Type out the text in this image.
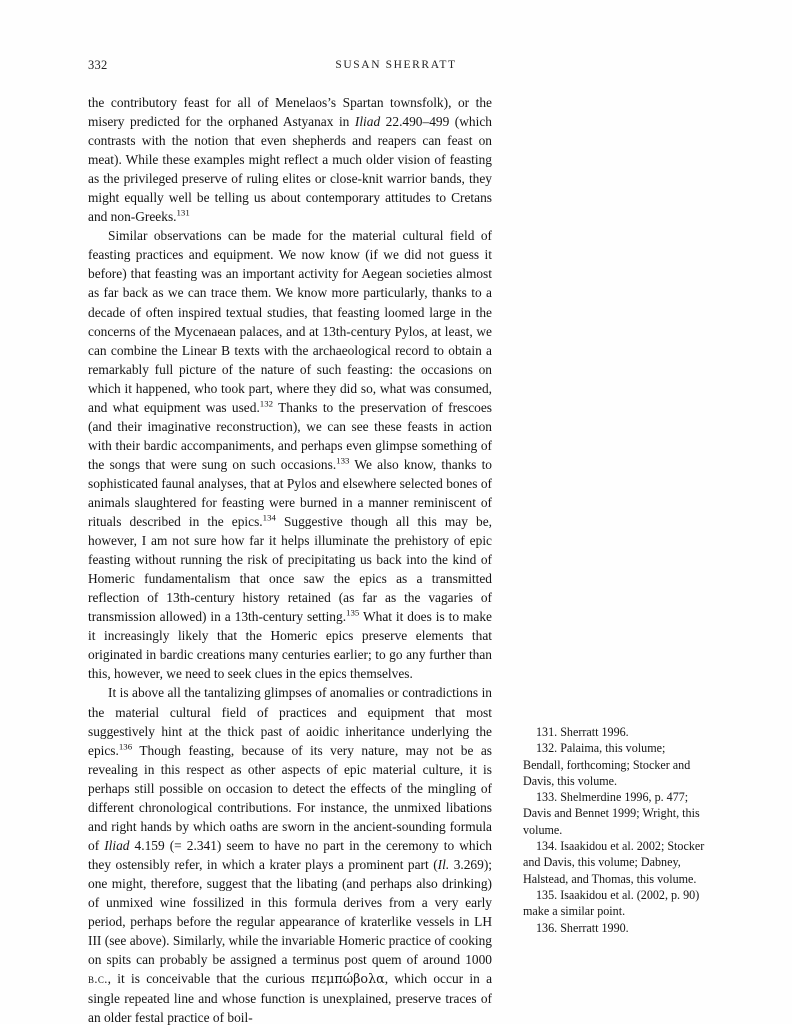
332	SUSAN SHERRATT

the contributory feast for all of Menelaos’s Spartan townsfolk), or the misery predicted for the orphaned Astyanax in Iliad 22.490–499 (which contrasts with the notion that even shepherds and reapers can feast on meat). While these examples might reflect a much older vision of feasting as the privileged preserve of ruling elites or close-knit warrior bands, they might equally well be telling us about contemporary attitudes to Cretans and non-Greeks.$^{131}$

Similar observations can be made for the material cultural field of feasting practices and equipment. We now know (if we did not guess it before) that feasting was an important activity for Aegean societies almost as far back as we can trace them. We know more particularly, thanks to a decade of often inspired textual studies, that feasting loomed large in the concerns of the Mycenaean palaces, and at 13th-century Pylos, at least, we can combine the Linear B texts with the archaeological record to obtain a remarkably full picture of the nature of such feasting: the occasions on which it happened, who took part, where they did so, what was consumed, and what equipment was used.$^{132}$ Thanks to the preservation of frescoes (and their imaginative reconstruction), we can see these feasts in action with their bardic accompaniments, and perhaps even glimpse something of the songs that were sung on such occasions.$^{133}$ We also know, thanks to sophisticated faunal analyses, that at Pylos and elsewhere selected bones of animals slaughtered for feasting were burned in a manner reminiscent of rituals described in the epics.$^{134}$ Suggestive though all this may be, however, I am not sure how far it helps illuminate the prehistory of epic feasting without running the risk of precipitating us back into the kind of Homeric fundamentalism that once saw the epics as a transmitted reflection of 13th-century history retained (as far as the vagaries of transmission allowed) in a 13th-century setting.$^{135}$ What it does is to make it increasingly likely that the Homeric epics preserve elements that originated in bardic creations many centuries earlier; to go any further than this, however, we need to seek clues in the epics themselves.

It is above all the tantalizing glimpses of anomalies or contradictions in the material cultural field of practices and equipment that most suggestively hint at the thick past of aoidic inheritance underlying the epics.$^{136}$ Though feasting, because of its very nature, may not be as revealing in this respect as other aspects of epic material culture, it is perhaps still possible on occasion to detect the effects of the mingling of different chronological contributions. For instance, the unmixed libations and right hands by which oaths are sworn in the ancient-sounding formula of Iliad 4.159 (= 2.341) seem to have no part in the ceremony to which they ostensibly refer, in which a krater plays a prominent part (Il. 3.269); one might, therefore, suggest that the libating (and perhaps also drinking) of unmixed wine fossilized in this formula derives from a very early period, perhaps before the regular appearance of kraterlike vessels in LH III (see above). Similarly, while the invariable Homeric practice of cooking on spits can probably be assigned a terminus post quem of around 1000 b.c., it is conceivable that the curious πεμπώβολα, which occur in a single repeated line and whose function is unexplained, preserve traces of an older festal practice of boil-

131. Sherratt 1996.

132. Palaima, this volume; Bendall, forthcoming; Stocker and Davis, this volume.

133. Shelmerdine 1996, p. 477; Davis and Bennet 1999; Wright, this volume.

134. Isaakidou et al. 2002; Stocker and Davis, this volume; Dabney, Halstead, and Thomas, this volume.

135. Isaakidou et al. (2002, p. 90) make a similar point.

136. Sherratt 1990.
